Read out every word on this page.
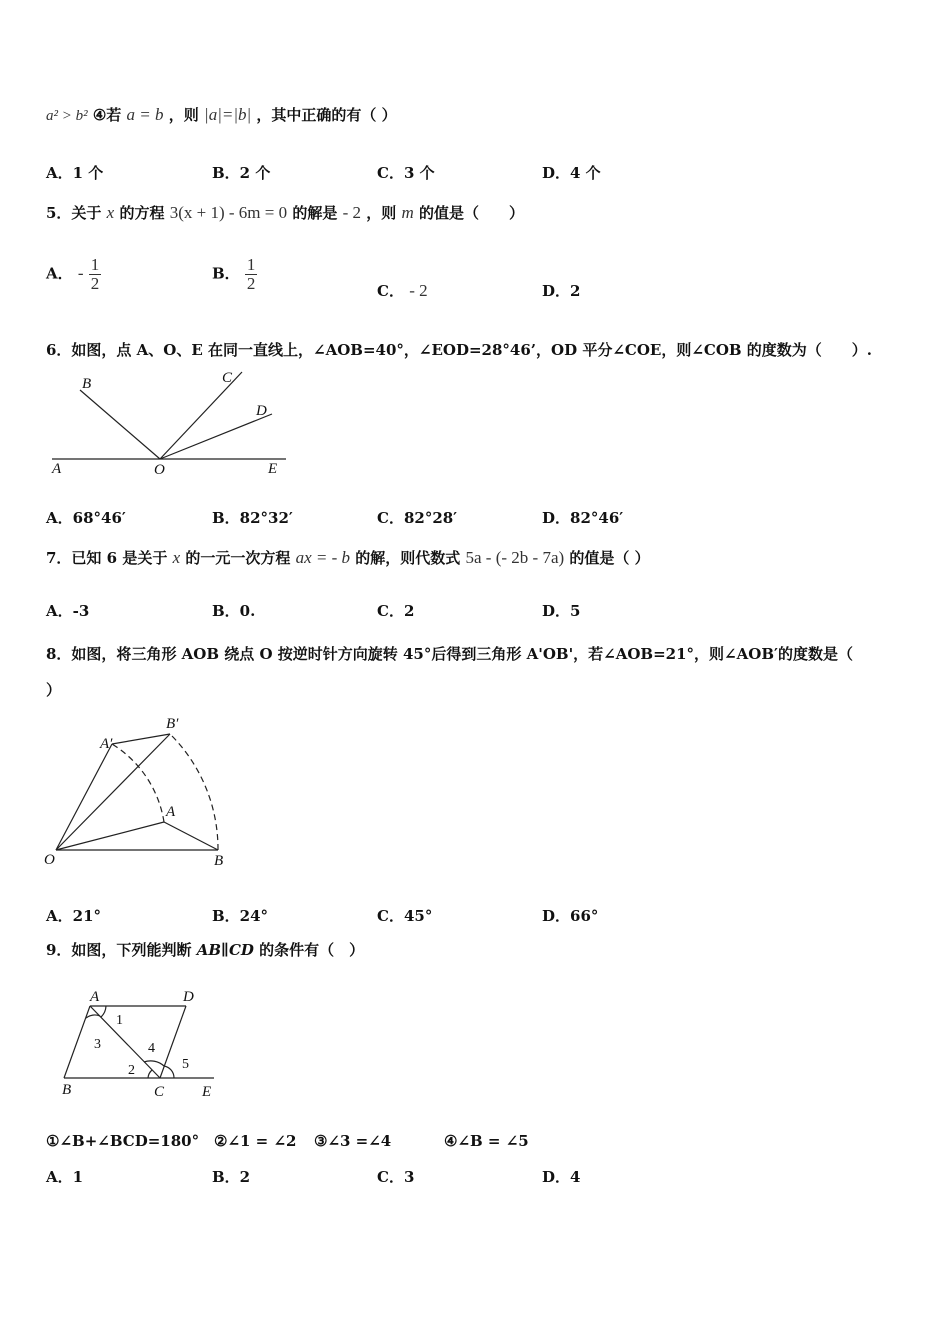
a² > b² ④若 a = b ，则 |a|=|b| ，其中正确的有（ ）
A．1 个	B．2 个	C．3 个	D．4 个
5．关于 x 的方程 3(x + 1) - 6m = 0 的解是 - 2 ，则 m 的值是（　　）
A． - $\frac{1}{2}$	B． $\frac{1}{2}$	C． - 2	D．2
6．如图，点 A、O、E 在同一直线上，∠AOB=40°，∠EOD=28°46’，OD 平分∠COE，则∠COB 的度数为（　　）.
B	C
D
A	O	E
A．68°46′	B．82°32′	C．82°28′	D．82°46′
7．已知 6 是关于 x 的一元一次方程 ax = - b 的解，则代数式 5a - (- 2b - 7a) 的值是（ ）
A．-3	B．0.	C．2	D．5
8．如图，将三角形 AOB 绕点 O 按逆时针方向旋转 45°后得到三角形 A'OB'，若∠AOB=21°，则∠AOB′的度数是（
）
O	B
A
A′
B′
A．21°	B．24°	C．45°	D．66°
9．如图，下列能判断 AB∥CD 的条件有（　）
A	D
B	C	E
1
3
2
4
5
①∠B+∠BCD=180° ②∠1 = ∠2 ③∠3 =∠4	④∠B = ∠5
A．1	B．2	C．3	D．4
